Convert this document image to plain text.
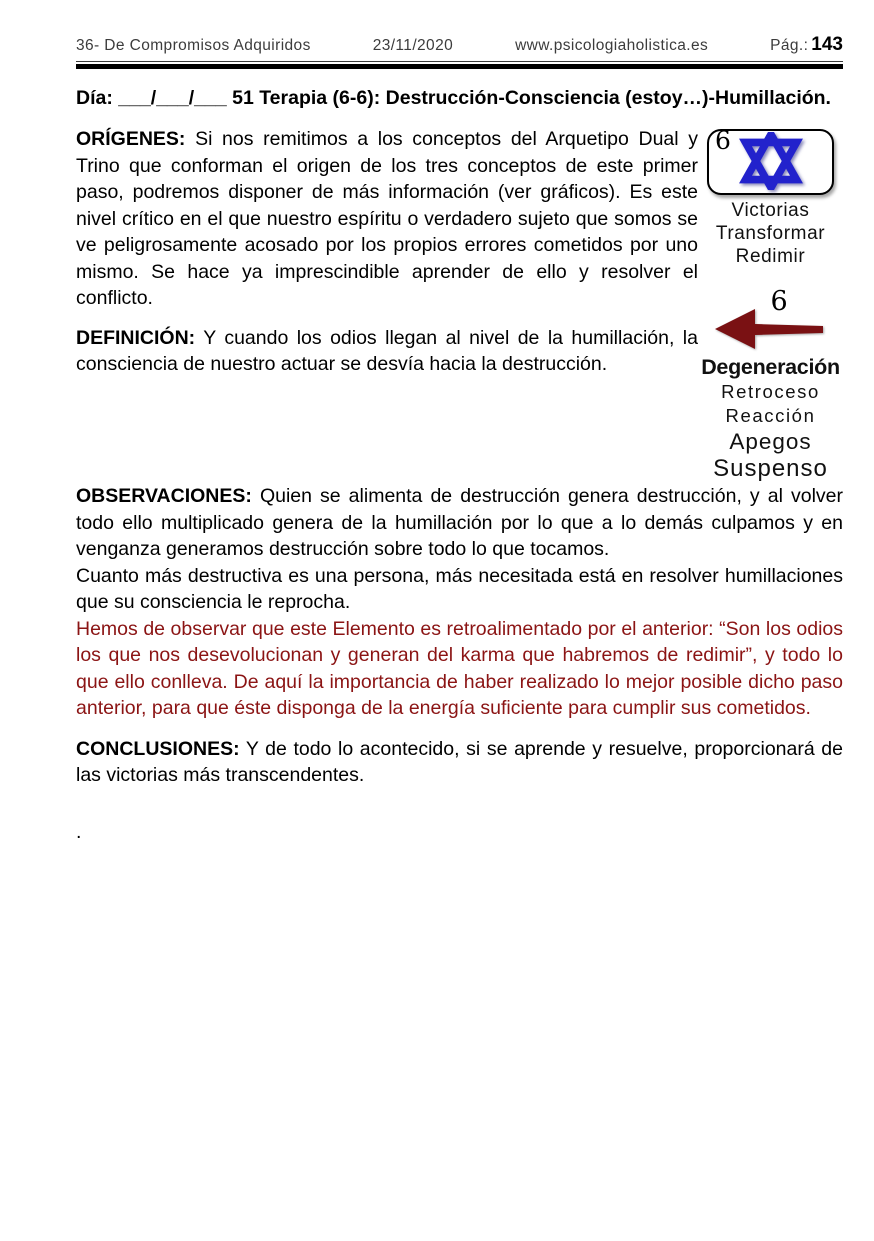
36- De Compromisos Adquiridos	23/11/2020	www.psicologiaholistica.es	Pág.: 143

Día: ___/___/___ 51 Terapia (6-6): Destrucción-Consciencia (estoy…)-Humillación.

ORÍGENES: Si nos remitimos a los conceptos del Arquetipo Dual y Trino que conforman el origen de los tres conceptos de este primer paso, podremos disponer de más información (ver gráficos). Es este nivel crítico en el que nuestro espíritu o verdadero sujeto que somos se ve peligrosamente acosado por los propios errores cometidos por uno mismo. Se hace ya imprescindible aprender de ello y resolver el conflicto.

DEFINICIÓN: Y cuando los odios llegan al nivel de la humillación, la consciencia de nuestro actuar se desvía hacia la destrucción.

6
Victorias
Transformar
Redimir
6
Degeneración
Retroceso
Reacción
Apegos
Suspenso

OBSERVACIONES: Quien se alimenta de destrucción genera destrucción, y al volver todo ello multiplicado genera de la humillación por lo que a lo demás culpamos y en venganza generamos destrucción sobre todo lo que tocamos.

Cuanto más destructiva es una persona, más necesitada está en resolver humillaciones que su consciencia le reprocha.

Hemos de observar que este Elemento es retroalimentado por el anterior: “Son los odios los que nos desevolucionan y generan del karma que habremos de redimir”, y todo lo que ello conlleva. De aquí la importancia de haber realizado lo mejor posible dicho paso anterior, para que éste disponga de la energía suficiente para cumplir sus cometidos.

CONCLUSIONES: Y de todo lo acontecido, si se aprende y resuelve, proporcionará de las victorias más transcendentes.

.
